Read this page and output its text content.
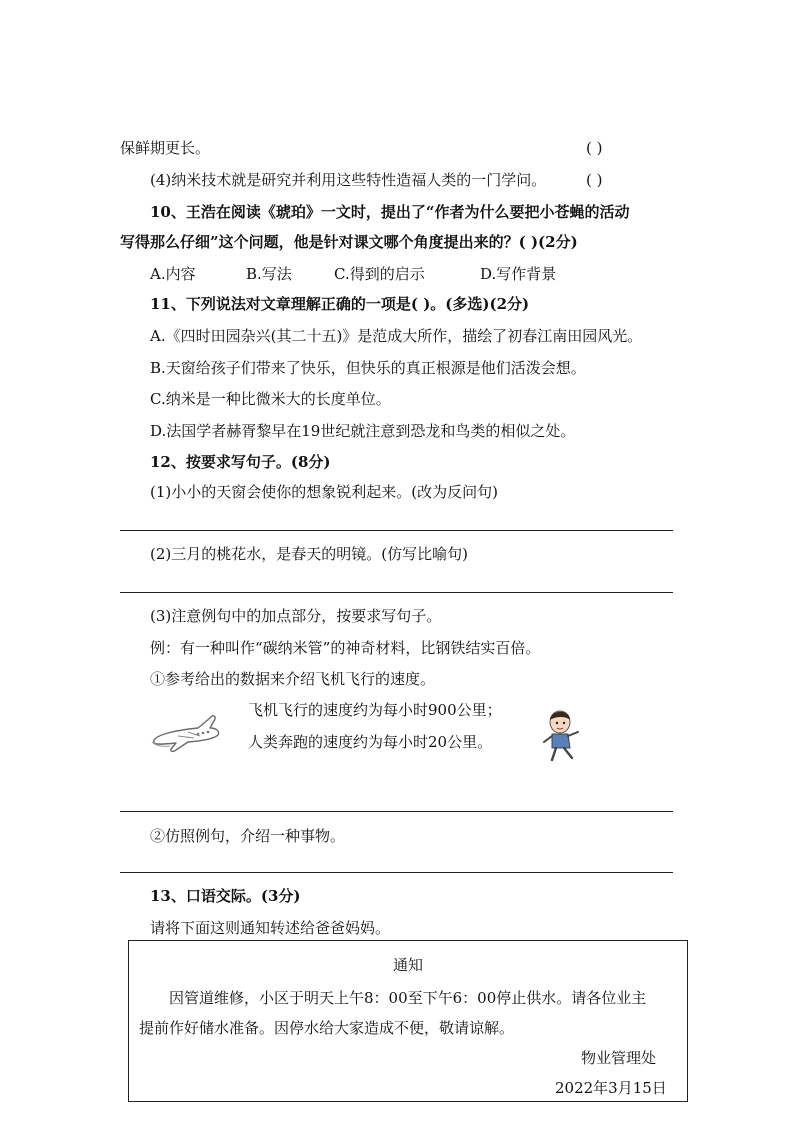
保鲜期更长。	( )
(4)纳米技术就是研究并利用这些特性造福人类的一门学问。	( )
10、王浩在阅读《琥珀》一文时，提出了“作者为什么要把小苍蝇的活动
写得那么仔细”这个问题，他是针对课文哪个角度提出来的？( )(2分)
A.内容	B.写法	C.得到的启示	D.写作背景
11、下列说法对文章理解正确的一项是( )。(多选)(2分)
A.《四时田园杂兴(其二十五)》是范成大所作，描绘了初春江南田园风光。
B.天窗给孩子们带来了快乐，但快乐的真正根源是他们活泼会想。
C.纳米是一种比微米大的长度单位。
D.法国学者赫胥黎早在19世纪就注意到恐龙和鸟类的相似之处。
12、按要求写句子。(8分)
(1)小小的天窗会使你的想象锐利起来。(改为反问句)
(2)三月的桃花水，是春天的明镜。(仿写比喻句)
(3)注意例句中的加点部分，按要求写句子。
例：有一种叫作“碳纳米管”的神奇材料，比钢铁结实百倍。
①参考给出的数据来介绍飞机飞行的速度。
飞机飞行的速度约为每小时900公里；
人类奔跑的速度约为每小时20公里。
②仿照例句，介绍一种事物。
13、口语交际。(3分)
请将下面这则通知转述给爸爸妈妈。
通知
因管道维修，小区于明天上午8：00至下午6：00停止供水。请各位业主
提前作好储水准备。因停水给大家造成不便，敬请谅解。
物业管理处
2022年3月15日
